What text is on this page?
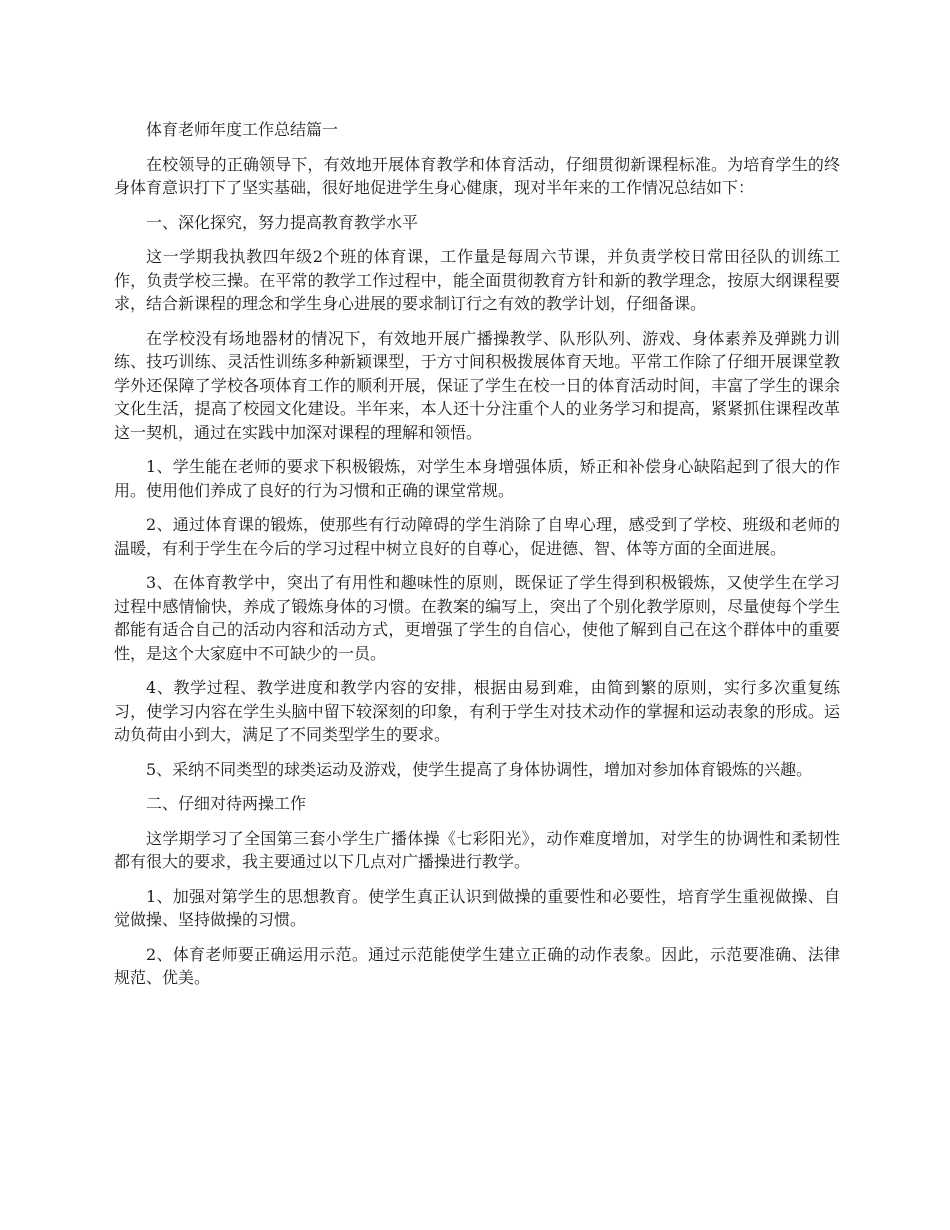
体育老师年度工作总结篇一

在校领导的正确领导下，有效地开展体育教学和体育活动，仔细贯彻新课程标准。为培育学生的终身体育意识打下了坚实基础，很好地促进学生身心健康，现对半年来的工作情况总结如下：

一、深化探究，努力提高教育教学水平

这一学期我执教四年级2个班的体育课，工作量是每周六节课，并负责学校日常田径队的训练工作，负责学校三操。在平常的教学工作过程中，能全面贯彻教育方针和新的教学理念，按原大纲课程要求，结合新课程的理念和学生身心进展的要求制订行之有效的教学计划，仔细备课。

在学校没有场地器材的情况下，有效地开展广播操教学、队形队列、游戏、身体素养及弹跳力训练、技巧训练、灵活性训练多种新颖课型，于方寸间积极拨展体育天地。平常工作除了仔细开展课堂教学外还保障了学校各项体育工作的顺利开展，保证了学生在校一日的体育活动时间，丰富了学生的课余文化生活，提高了校园文化建设。半年来，本人还十分注重个人的业务学习和提高，紧紧抓住课程改革这一契机，通过在实践中加深对课程的理解和领悟。

1、学生能在老师的要求下积极锻炼，对学生本身增强体质，矫正和补偿身心缺陷起到了很大的作用。使用他们养成了良好的行为习惯和正确的课堂常规。

2、通过体育课的锻炼，使那些有行动障碍的学生消除了自卑心理，感受到了学校、班级和老师的温暖，有利于学生在今后的学习过程中树立良好的自尊心，促进德、智、体等方面的全面进展。

3、在体育教学中，突出了有用性和趣味性的原则，既保证了学生得到积极锻炼，又使学生在学习过程中感情愉快，养成了锻炼身体的习惯。在教案的编写上，突出了个别化教学原则，尽量使每个学生都能有适合自己的活动内容和活动方式，更增强了学生的自信心，使他了解到自己在这个群体中的重要性，是这个大家庭中不可缺少的一员。

4、教学过程、教学进度和教学内容的安排，根据由易到难，由简到繁的原则，实行多次重复练习，使学习内容在学生头脑中留下较深刻的印象，有利于学生对技术动作的掌握和运动表象的形成。运动负荷由小到大，满足了不同类型学生的要求。

5、采纳不同类型的球类运动及游戏，使学生提高了身体协调性，增加对参加体育锻炼的兴趣。

二、仔细对待两操工作

这学期学习了全国第三套小学生广播体操《七彩阳光》，动作难度增加，对学生的协调性和柔韧性都有很大的要求，我主要通过以下几点对广播操进行教学。

1、加强对第学生的思想教育。使学生真正认识到做操的重要性和必要性，培育学生重视做操、自觉做操、坚持做操的习惯。

2、体育老师要正确运用示范。通过示范能使学生建立正确的动作表象。因此，示范要准确、法律规范、优美。
